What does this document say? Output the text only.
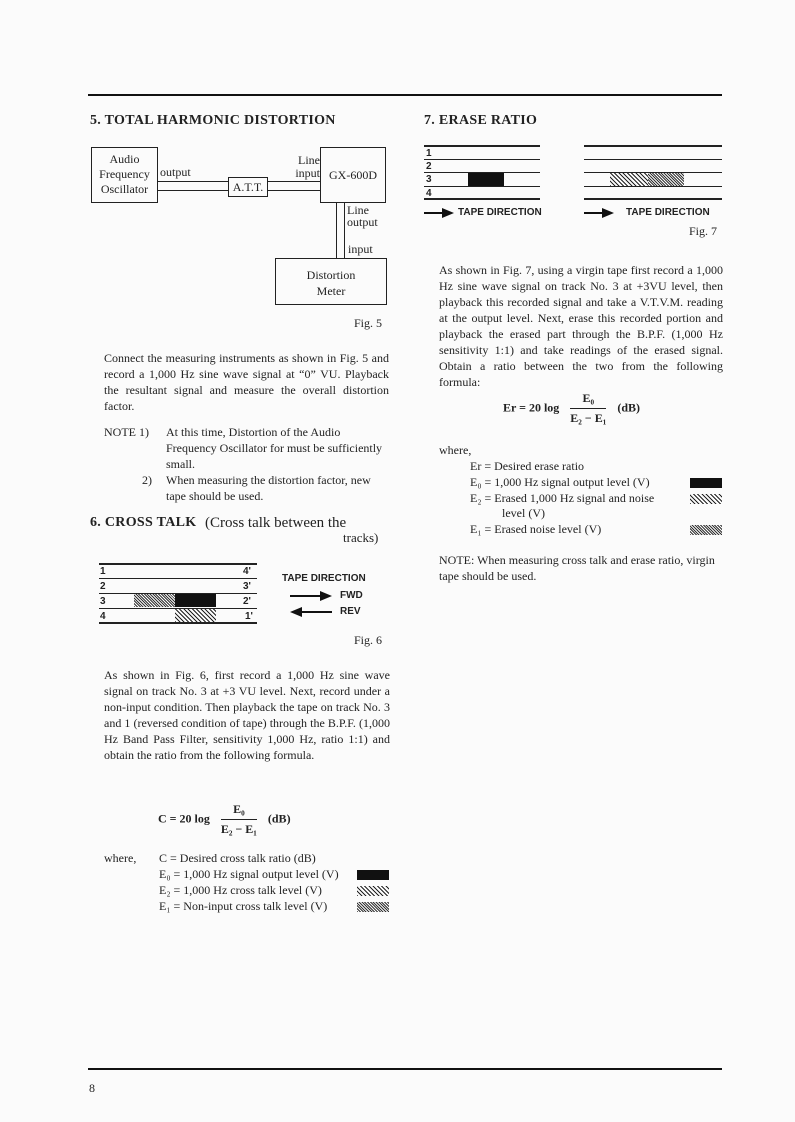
5. TOTAL HARMONIC DISTORTION
Audio Frequency Oscillator
output
A.T.T.
Line input GX-600D
Line output
input
Distortion Meter
Fig. 5

Connect the measuring instruments as shown in Fig. 5 and record a 1,000 Hz sine wave signal at “0” VU. Playback the resultant signal and measure the overall distortion factor.

NOTE 1) At this time, Distortion of the Audio Frequency Oscillator for must be sufficiently small.

2) When measuring the distortion factor, new tape should be used.

6. CROSS TALK (Cross talk between the
tracks)
1
2
3
4
4'
3'
2'
1'
TAPE DIRECTION
FWD
REV
Fig. 6

As shown in Fig. 6, first record a 1,000 Hz sine wave signal on track No. 3 at +3 VU level. Next, record under a non-input condition. Then playback the tape on track No. 3 and 1 (reversed condition of tape) through the B.P.F. (1,000 Hz Band Pass Filter, sensitivity 1,000 Hz, ratio 1:1) and obtain the ratio from the following formula.

C = 20 $\log \frac{\text{E₀}}{\text{E₂ − E₁}} (dB)$
where, C = Desired cross talk ratio (dB)
E₀ = 1,000 Hz signal output level (V)
E₂ = 1,000 Hz cross talk level (V)
E₁ = Non-input cross talk level (V)
7. ERASE RATIO
1
2
3
4
TAPE DIRECTION	TAPE DIRECTION
Fig. 7

As shown in Fig. 7, using a virgin tape first record a 1,000 Hz sine wave signal on track No. 3 at +3VU level, then playback this recorded signal and take a V.T.V.M. reading at the output level. Next, erase this recorded portion and playback the erased part through the B.P.F. (1,000 Hz sensitivity 1:1) and take readings of the erased signal. Obtain a ratio between the two from the following formula:

Er = 20 $\log \frac{\text{E₀}}{\text{E₂ − E₁}} (dB)$
where,
Er = Desired erase ratio
E₀ = 1,000 Hz signal output level (V)
E₂ = Erased 1,000 Hz signal and noise
level (V)
E₁ = Erased noise level (V)

NOTE: When measuring cross talk and erase ratio, virgin tape should be used.

8
